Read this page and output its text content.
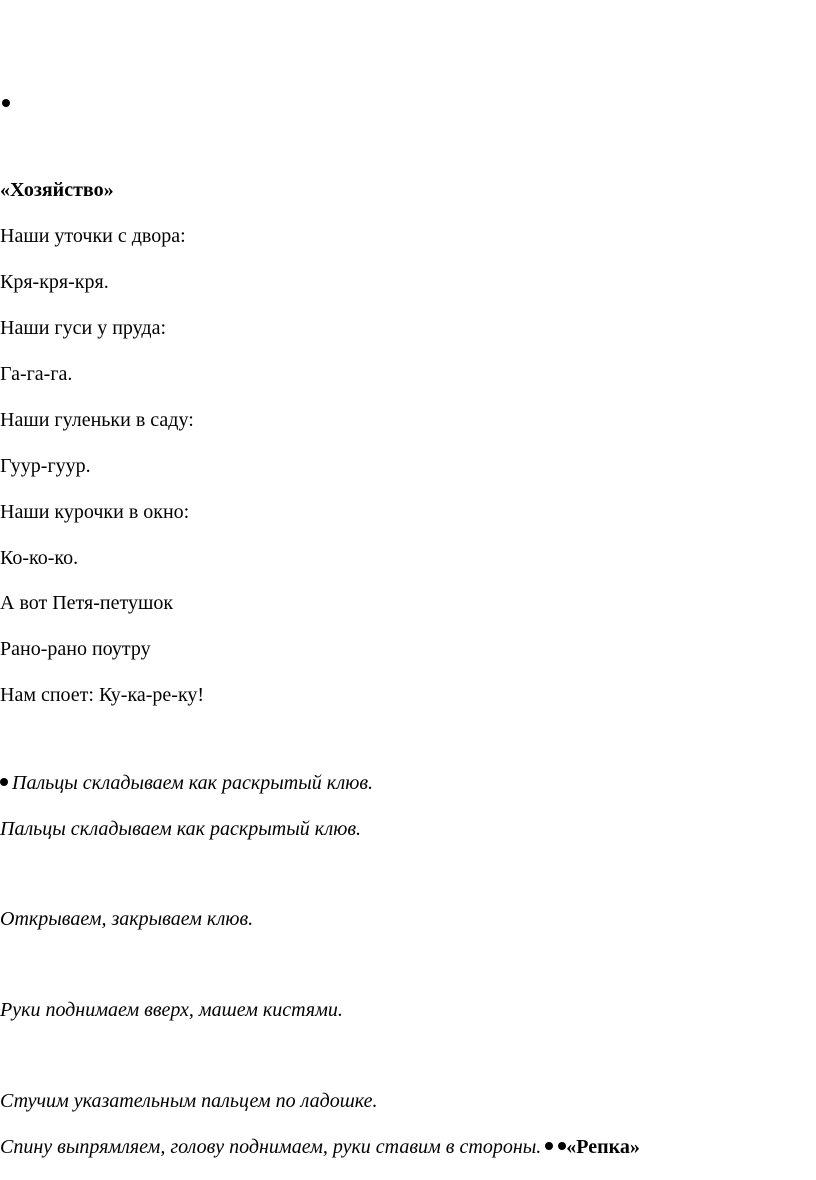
«Хозяйство»

Наши уточки с двора:

Кря-кря-кря.

Наши гуси у пруда:

Га-га-га.

Наши гуленьки в саду:

Гуур-гуур.

Наши курочки в окно:

Ко-ко-ко.

А вот Петя-петушок

Рано-рано поутру

Нам споет: Ку-ка-ре-ку!

Пальцы складываем как раскрытый клюв.

Пальцы складываем как раскрытый клюв.

Открываем, закрываем клюв.

Руки поднимаем вверх, машем кистями.

Стучим указательным пальцем по ладошке.

Спину выпрямляем, голову поднимаем, руки ставим в стороны. «Репка»
